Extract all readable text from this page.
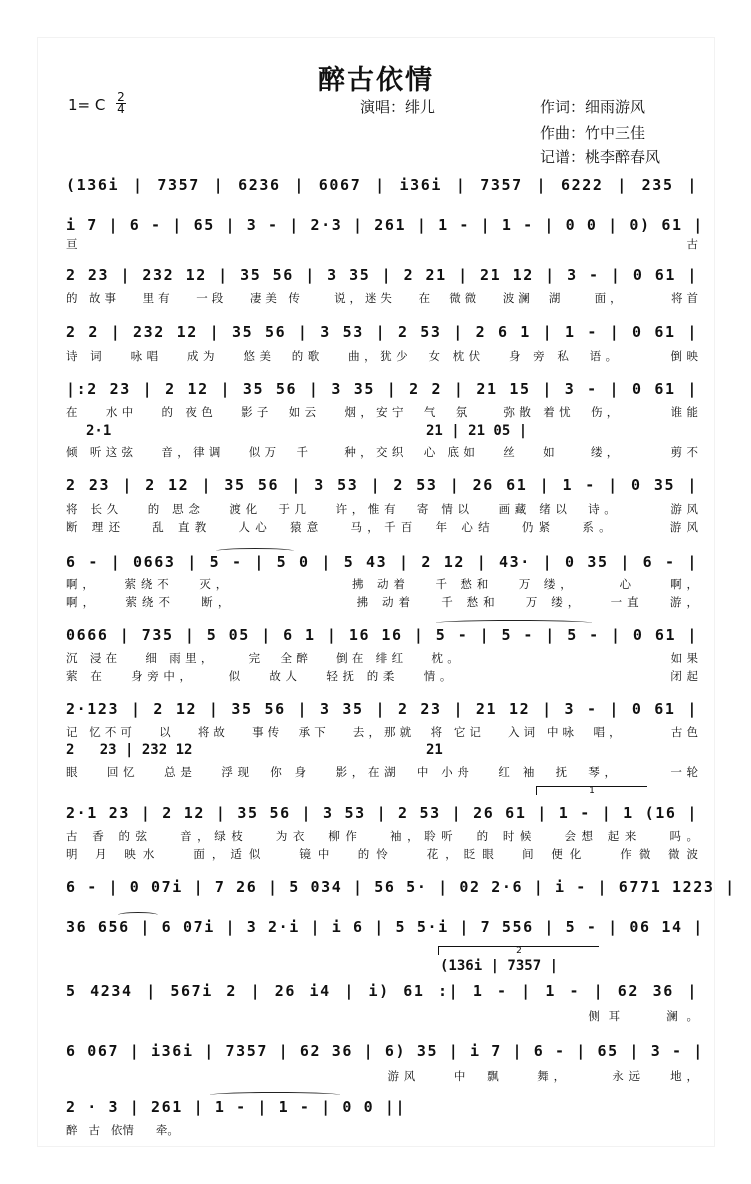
醉古依情
1= C 2
4	演唱：绯儿	作词：细雨游风
作曲：竹中三佳
记谱：桃李醉春风
(136i | 7357 | 6236 | 6067 | i36i | 7357 | 6222 | 235 |
i 7 | 6 - | 65 | 3 - | 2·3 | 261 | 1 - | 1 - | 0 0 | 0) 61 |
亘古
2 23 | 232 12 | 35 56 | 3 35 | 2 21 | 21 12 | 3 - | 0 61 |
的 故事   里有   一段   凄美 传    说，迷失   在  微微   波澜  湖    面，      将首
2 2 | 232 12 | 35 56 | 3 53 | 2 53 | 2 6 1 | 1 - | 0 61 |
诗 词   咏唱   成为   悠美  的歌   曲，犹少  女 枕伏   身 旁 私  语。      倒映
|:2 23 | 2 12 | 35 56 | 3 35 | 2 2 | 21 15 | 3 - | 0 61 |
在   水中   的 夜色   影子  如云   烟，安宁  气  氛    弥散 着忧  伤，      谁能
2·1	21 | 21 05 |
倾 听这弦   音，律调   似万  千    种，交织  心 底如   丝   如    缕，      剪不
2 23 | 2 12 | 35 56 | 3 53 | 2 53 | 26 61 | 1 - | 0 35 |
将 长久   的 思念   渡化  于几   许，惟有  寄 情以   画藏 绪以  诗。      游风
断 理还   乱 直教   人心  猿意   马，千百  年 心结   仍紧   系。      游风
6 - | 0663 | 5 - | 5 0 | 5 43 | 2 12 | 43· | 0 35 | 6 - |
啊，   萦绕不   灭，              拂 动着   千 愁和   万 缕，     心    啊，
啊，   萦绕不   断，              拂 动着   千 愁和   万 缕，   一直   游，
0666 | 735 | 5 05 | 6 1 | 16 16 | 5 - | 5 - | 5 - | 0 61 |
沉 浸在   细 雨里，    完  全醉   倒在 绯红   枕。                          如果
萦 在   身旁中，    似   故人   轻抚 的柔   情。                          闭起
2·123 | 2 12 | 35 56 | 3 35 | 2 23 | 21 12 | 3 - | 0 61 |
记 忆不可   以   将故   事传  承下   去，那就  将 它记   入词 中咏  唱，      古色
2   23 | 232 12	21
眼   回忆   总是   浮现  你 身   影，在湖  中 小舟   红 袖  抚  琴，      一轮
1
2·1 23 | 2 12 | 35 56 | 3 53 | 2 53 | 26 61 | 1 - | 1 (16 |
古 香 的弦   音，绿枝   为衣  柳作   袖，聆听  的 时候   会想 起来   吗。
明 月 映水   面，适似   镜中  的怜   花，眨眼  间 便化   作微 微波
6 - | 0 07i | 7 26 | 5 034 | 56 5· | 02 2·6 | i - | 6771 1223 |
36 656 | 6 07i | 3 2·i | i 6 | 5 5·i | 7 556 | 5 - | 06 14 |
2
(136i | 7357 |
5 4234 | 567i 2 | 26 i4 | i) 61 :| 1 - | 1 - | 62 36 |
侧耳   澜。
6 067 | i36i | 7357 | 62 36 | 6) 35 | i 7 | 6 - | 65 | 3 - |
游风    中  飘    舞，     永远   地，
2 · 3 | 261 | 1 - | 1 - | 0 0 ||
醉   古   依情      牵。
